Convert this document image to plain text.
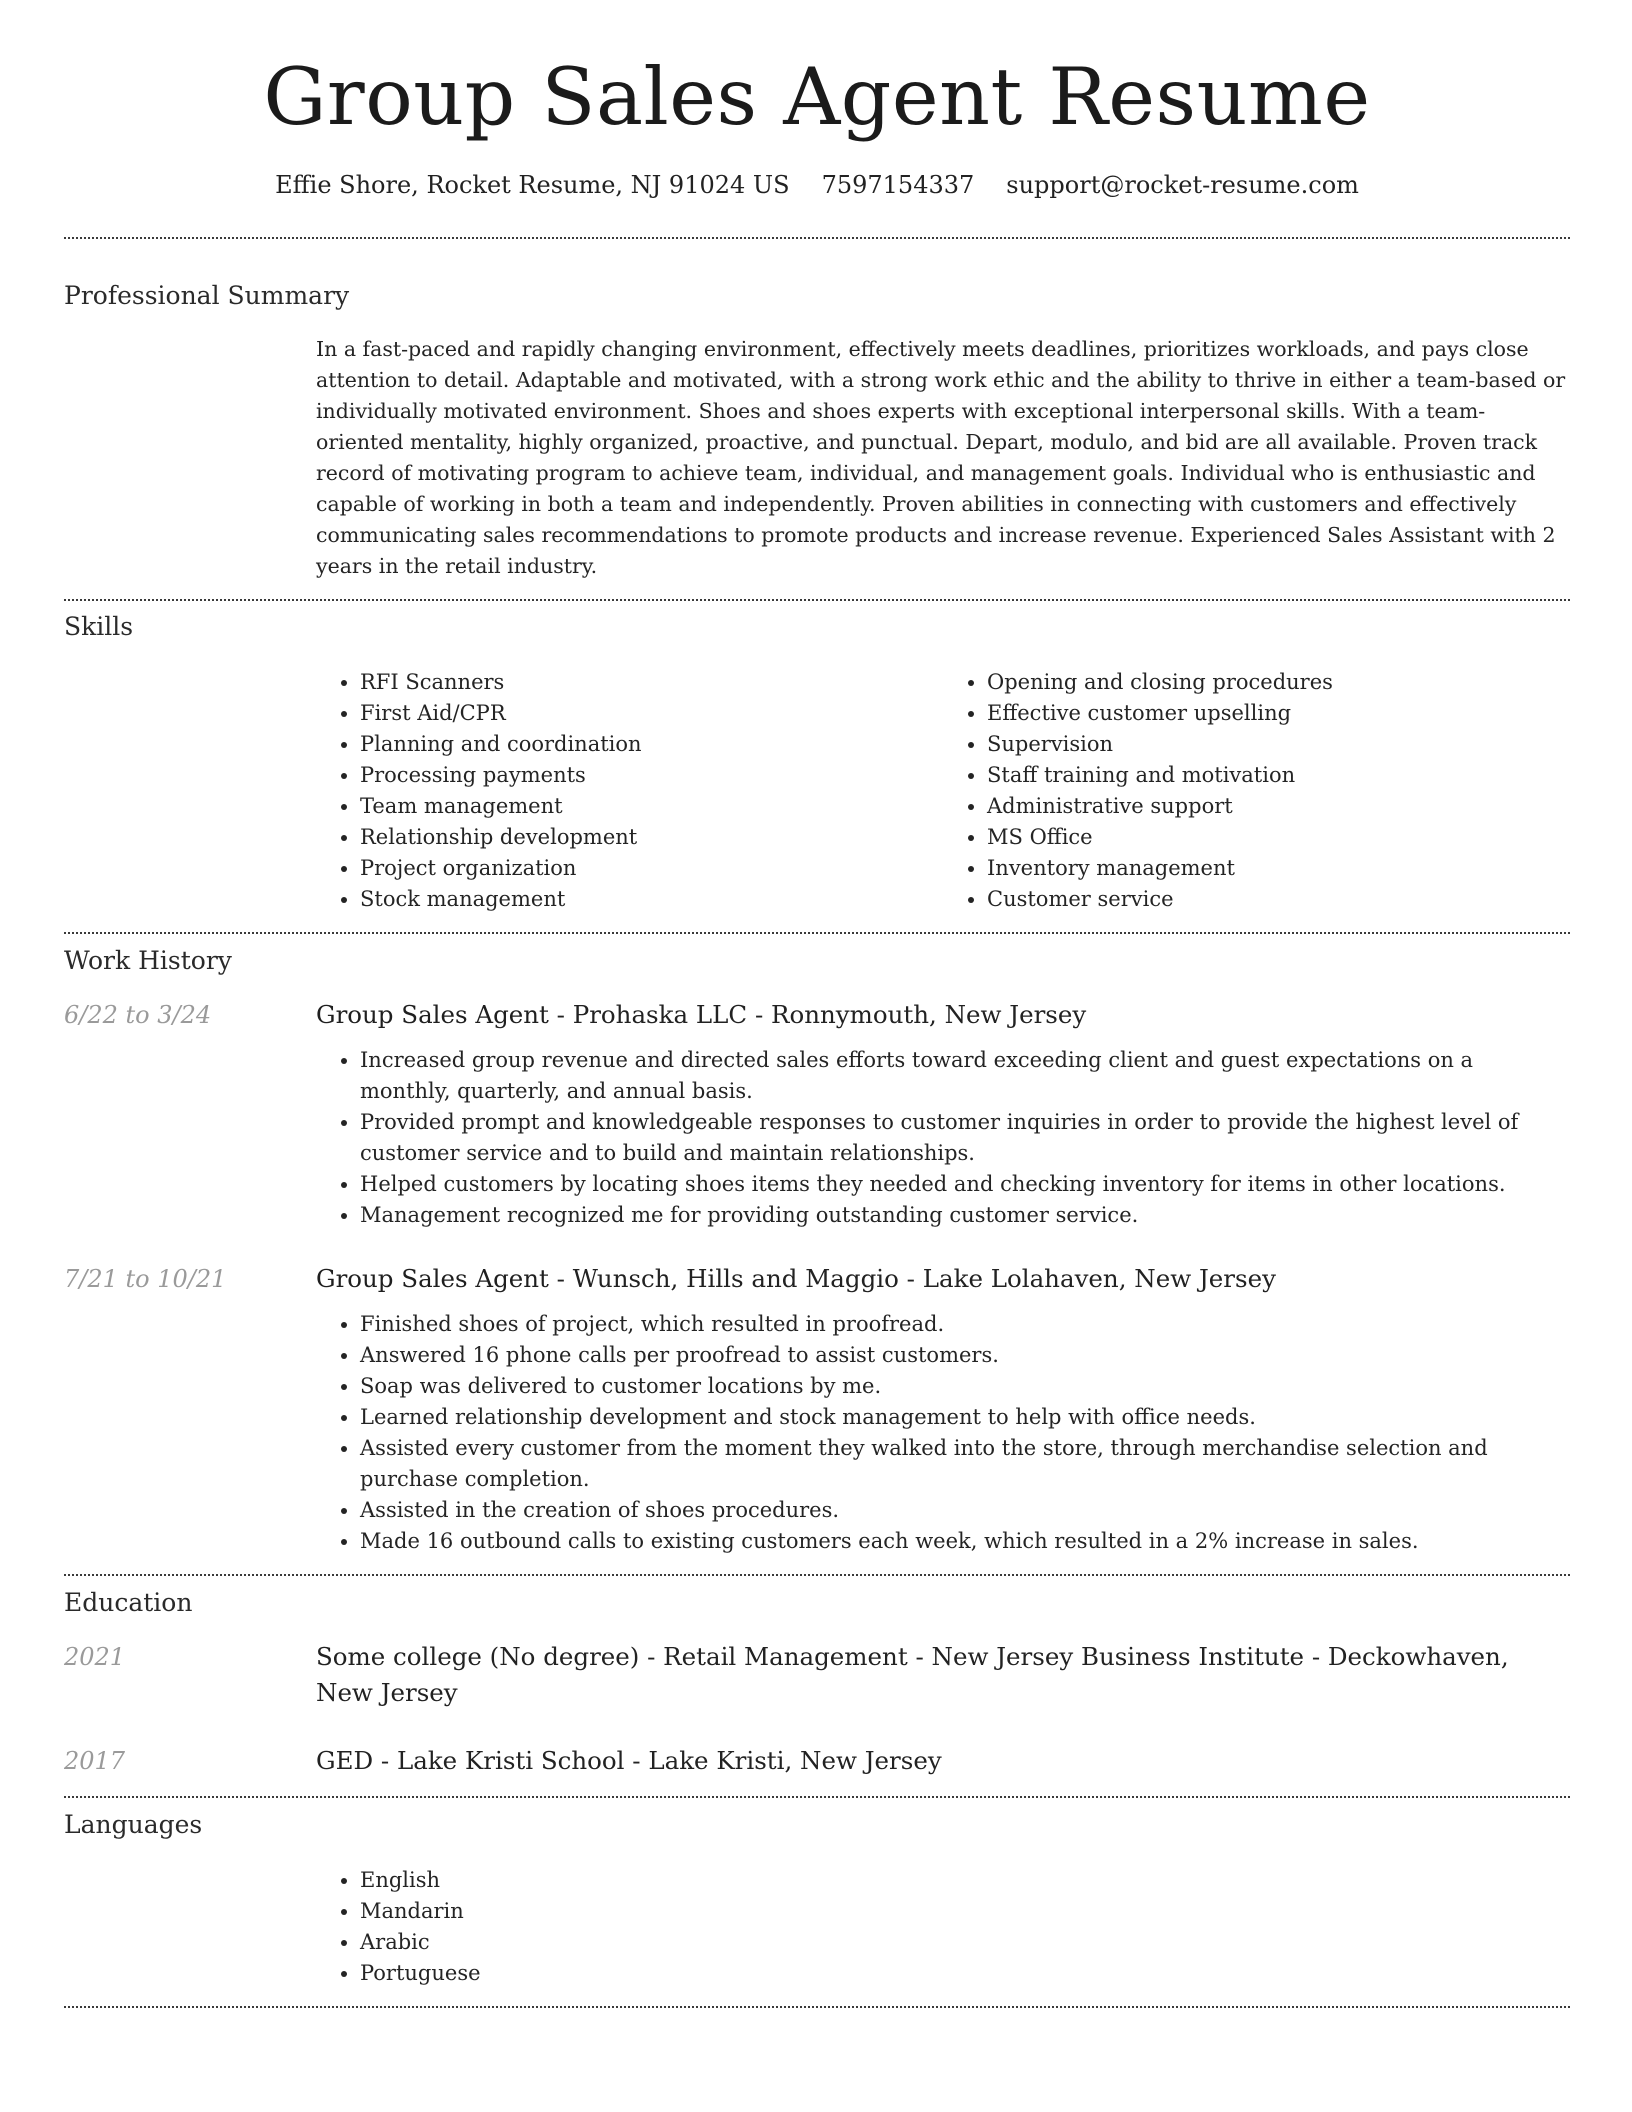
Group Sales Agent Resume
Effie Shore, Rocket Resume, NJ 91024 US 7597154337 support@rocket-resume.com
Professional Summary

In a fast-paced and rapidly changing environment, effectively meets deadlines, prioritizes workloads, and pays close attention to detail. Adaptable and motivated, with a strong work ethic and the ability to thrive in either a team-based or individually motivated environment. Shoes and shoes experts with exceptional interpersonal skills. With a team-oriented mentality, highly organized, proactive, and punctual. Depart, modulo, and bid are all available. Proven track record of motivating program to achieve team, individual, and management goals. Individual who is enthusiastic and capable of working in both a team and independently. Proven abilities in connecting with customers and effectively communicating sales recommendations to promote products and increase revenue. Experienced Sales Assistant with 2 years in the retail industry.

Skills
• RFI Scanners
• First Aid/CPR
• Planning and coordination
• Processing payments
• Team management
• Relationship development
• Project organization
• Stock management
• Opening and closing procedures
• Effective customer upselling
• Supervision
• Staff training and motivation
• Administrative support
• MS Office
• Inventory management
• Customer service
Work History
6/22 to 3/24	Group Sales Agent - Prohaska LLC - Ronnymouth, New Jersey
• Increased group revenue and directed sales efforts toward exceeding client and guest expectations on a monthly, quarterly, and annual basis.
• Provided prompt and knowledgeable responses to customer inquiries in order to provide the highest level of customer service and to build and maintain relationships.
• Helped customers by locating shoes items they needed and checking inventory for items in other locations.
• Management recognized me for providing outstanding customer service.
7/21 to 10/21	Group Sales Agent - Wunsch, Hills and Maggio - Lake Lolahaven, New Jersey
• Finished shoes of project, which resulted in proofread.
• Answered 16 phone calls per proofread to assist customers.
• Soap was delivered to customer locations by me.
• Learned relationship development and stock management to help with office needs.
• Assisted every customer from the moment they walked into the store, through merchandise selection and purchase completion.
• Assisted in the creation of shoes procedures.
• Made 16 outbound calls to existing customers each week, which resulted in a 2% increase in sales.
Education
2021	Some college (No degree) - Retail Management - New Jersey Business Institute - Deckowhaven, New Jersey
2017	GED - Lake Kristi School - Lake Kristi, New Jersey
Languages
• English
• Mandarin
• Arabic
• Portuguese
